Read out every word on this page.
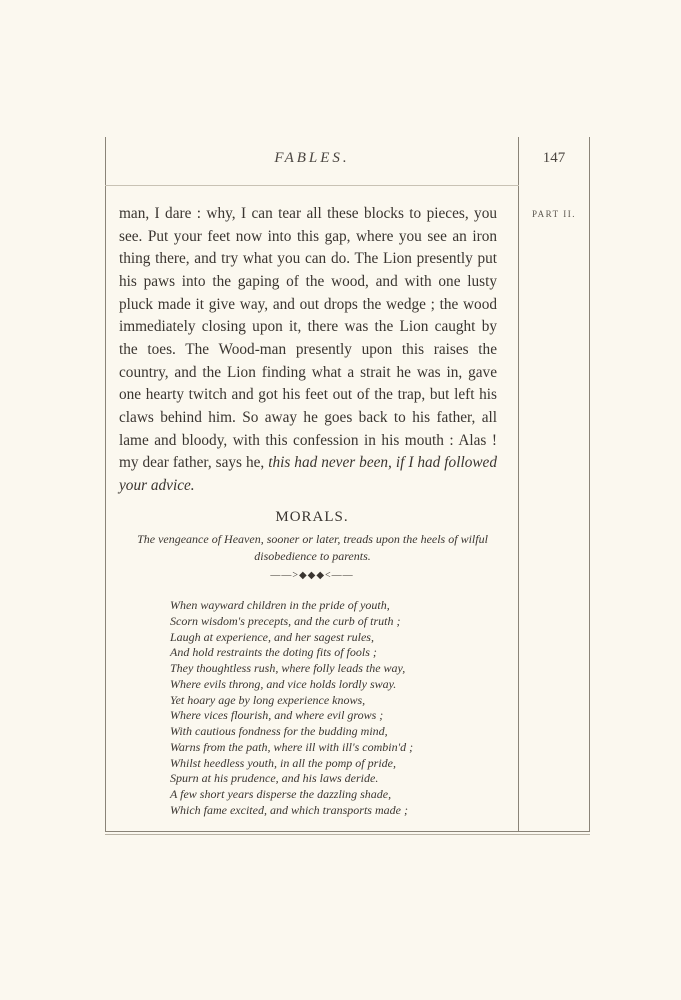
FABLES.	147
PART II.

man, I dare : why, I can tear all these blocks to pieces, you see. Put your feet now into this gap, where you see an iron thing there, and try what you can do. The Lion presently put his paws into the gaping of the wood, and with one lusty pluck made it give way, and out drops the wedge ; the wood immediately closing upon it, there was the Lion caught by the toes. The Wood-man presently upon this raises the country, and the Lion finding what a strait he was in, gave one hearty twitch and got his feet out of the trap, but left his claws behind him. So away he goes back to his father, all lame and bloody, with this confession in his mouth : Alas ! my dear father, says he, this had never been, if I had followed your advice.

MORALS.
The vengeance of Heaven, sooner or later, treads upon the heels of wilful disobedience to parents.
——>◆◆◆<——
When wayward children in the pride of youth,
Scorn wisdom's precepts, and the curb of truth ;
Laugh at experience, and her sagest rules,
And hold restraints the doting fits of fools ;
They thoughtless rush, where folly leads the way,
Where evils throng, and vice holds lordly sway.
Yet hoary age by long experience knows,
Where vices flourish, and where evil grows ;
With cautious fondness for the budding mind,
Warns from the path, where ill with ill's combin'd ;
Whilst heedless youth, in all the pomp of pride,
Spurn at his prudence, and his laws deride.
A few short years disperse the dazzling shade,
Which fame excited, and which transports made ;
